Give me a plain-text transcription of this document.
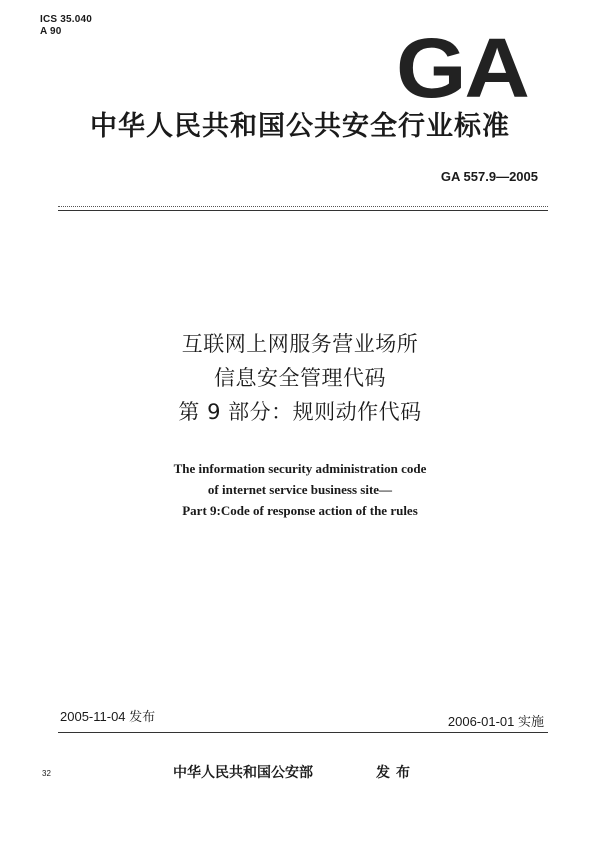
ICS 35.040
A 90	GA
中华人民共和国公共安全行业标准
GA 557.9—2005
互联网上网服务营业场所
信息安全管理代码
第 9 部分：规则动作代码
The information security administration code
of internet service business site—
Part 9:Code of response action of the rules
2005-11-04 发布	2006-01-01 实施
32	中华人民共和国公安部	发布
